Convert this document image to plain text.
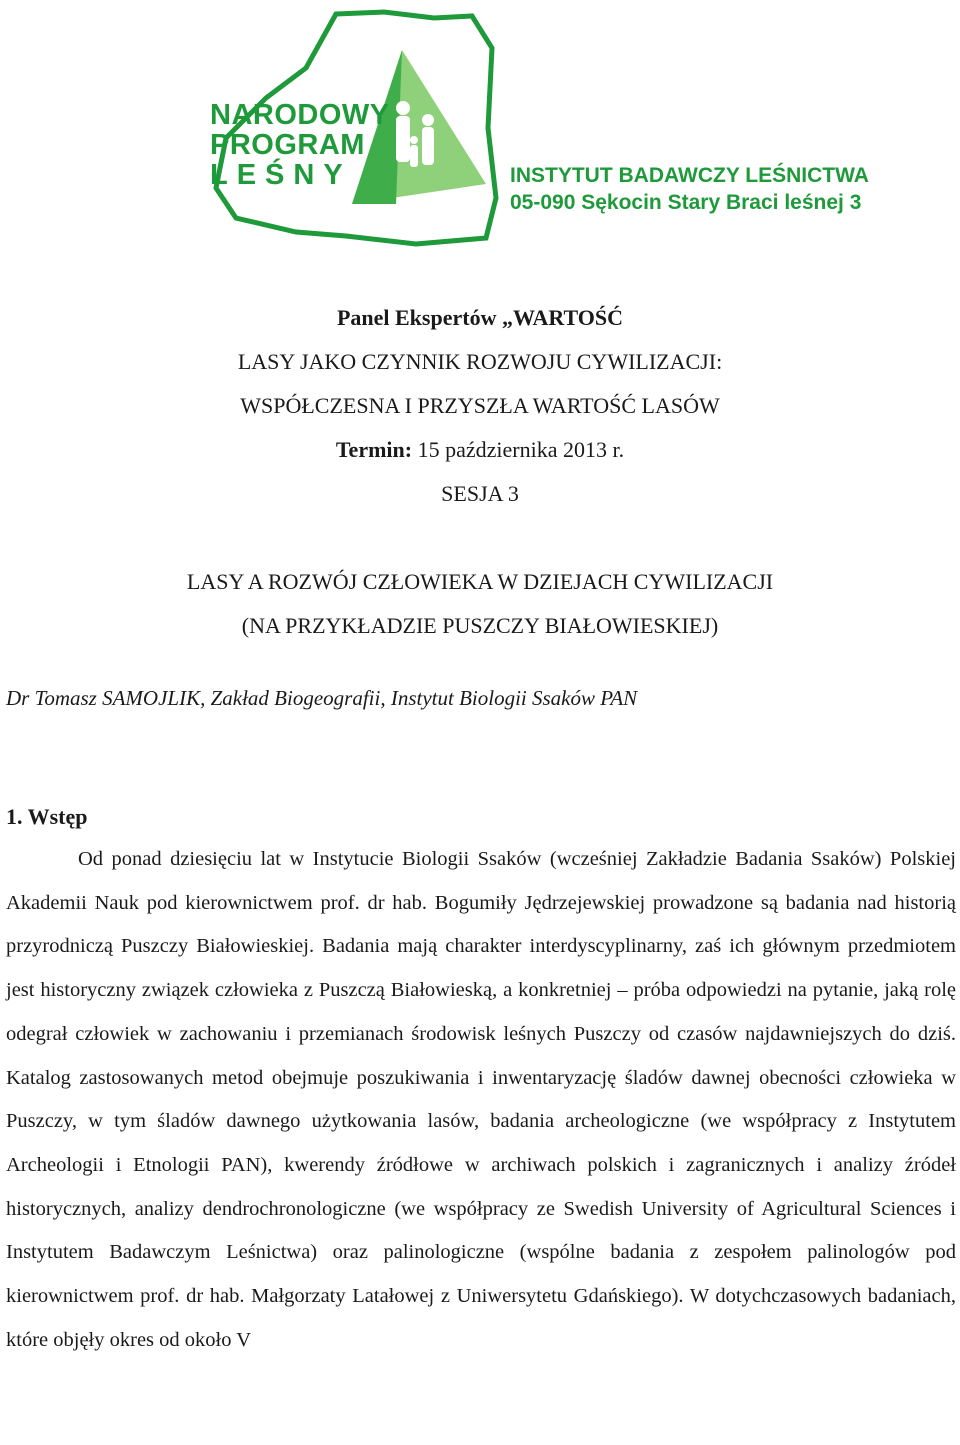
NARODOWY
PROGRAM
LEŚNY	INSTYTUT BADAWCZY LEŚNICTWA
05-090 Sękocin Stary Braci leśnej 3
Panel Ekspertów „WARTOŚĆ
LASY JAKO CZYNNIK ROZWOJU CYWILIZACJI:
WSPÓŁCZESNA I PRZYSZŁA WARTOŚĆ LASÓW
Termin: 15 października 2013 r.
SESJA 3

LASY A ROZWÓJ CZŁOWIEKA W DZIEJACH CYWILIZACJI
(NA PRZYKŁADZIE PUSZCZY BIAŁOWIESKIEJ)
Dr Tomasz SAMOJLIK, Zakład Biogeografii, Instytut Biologii Ssaków PAN
1. Wstęp
Od ponad dziesięciu lat w Instytucie Biologii Ssaków (wcześniej Zakładzie Badania Ssaków) Polskiej Akademii Nauk pod kierownictwem prof. dr hab. Bogumiły Jędrzejewskiej prowadzone są badania nad historią przyrodniczą Puszczy Białowieskiej. Badania mają charakter interdyscyplinarny, zaś ich głównym przedmiotem jest historyczny związek człowieka z Puszczą Białowieską, a konkretniej – próba odpowiedzi na pytanie, jaką rolę odegrał człowiek w zachowaniu i przemianach środowisk leśnych Puszczy od czasów najdawniejszych do dziś. Katalog zastosowanych metod obejmuje poszukiwania i inwentaryzację śladów dawnej obecności człowieka w Puszczy, w tym śladów dawnego użytkowania lasów, badania archeologiczne (we współpracy z Instytutem Archeologii i Etnologii PAN), kwerendy źródłowe w archiwach polskich i zagranicznych i analizy źródeł historycznych, analizy dendrochronologiczne (we współpracy ze Swedish University of Agricultural Sciences i Instytutem Badawczym Leśnictwa) oraz palinologiczne (wspólne badania z zespołem palinologów pod kierownictwem prof. dr hab. Małgorzaty Latałowej z Uniwersytetu Gdańskiego). W dotychczasowych badaniach, które objęły okres od około V
